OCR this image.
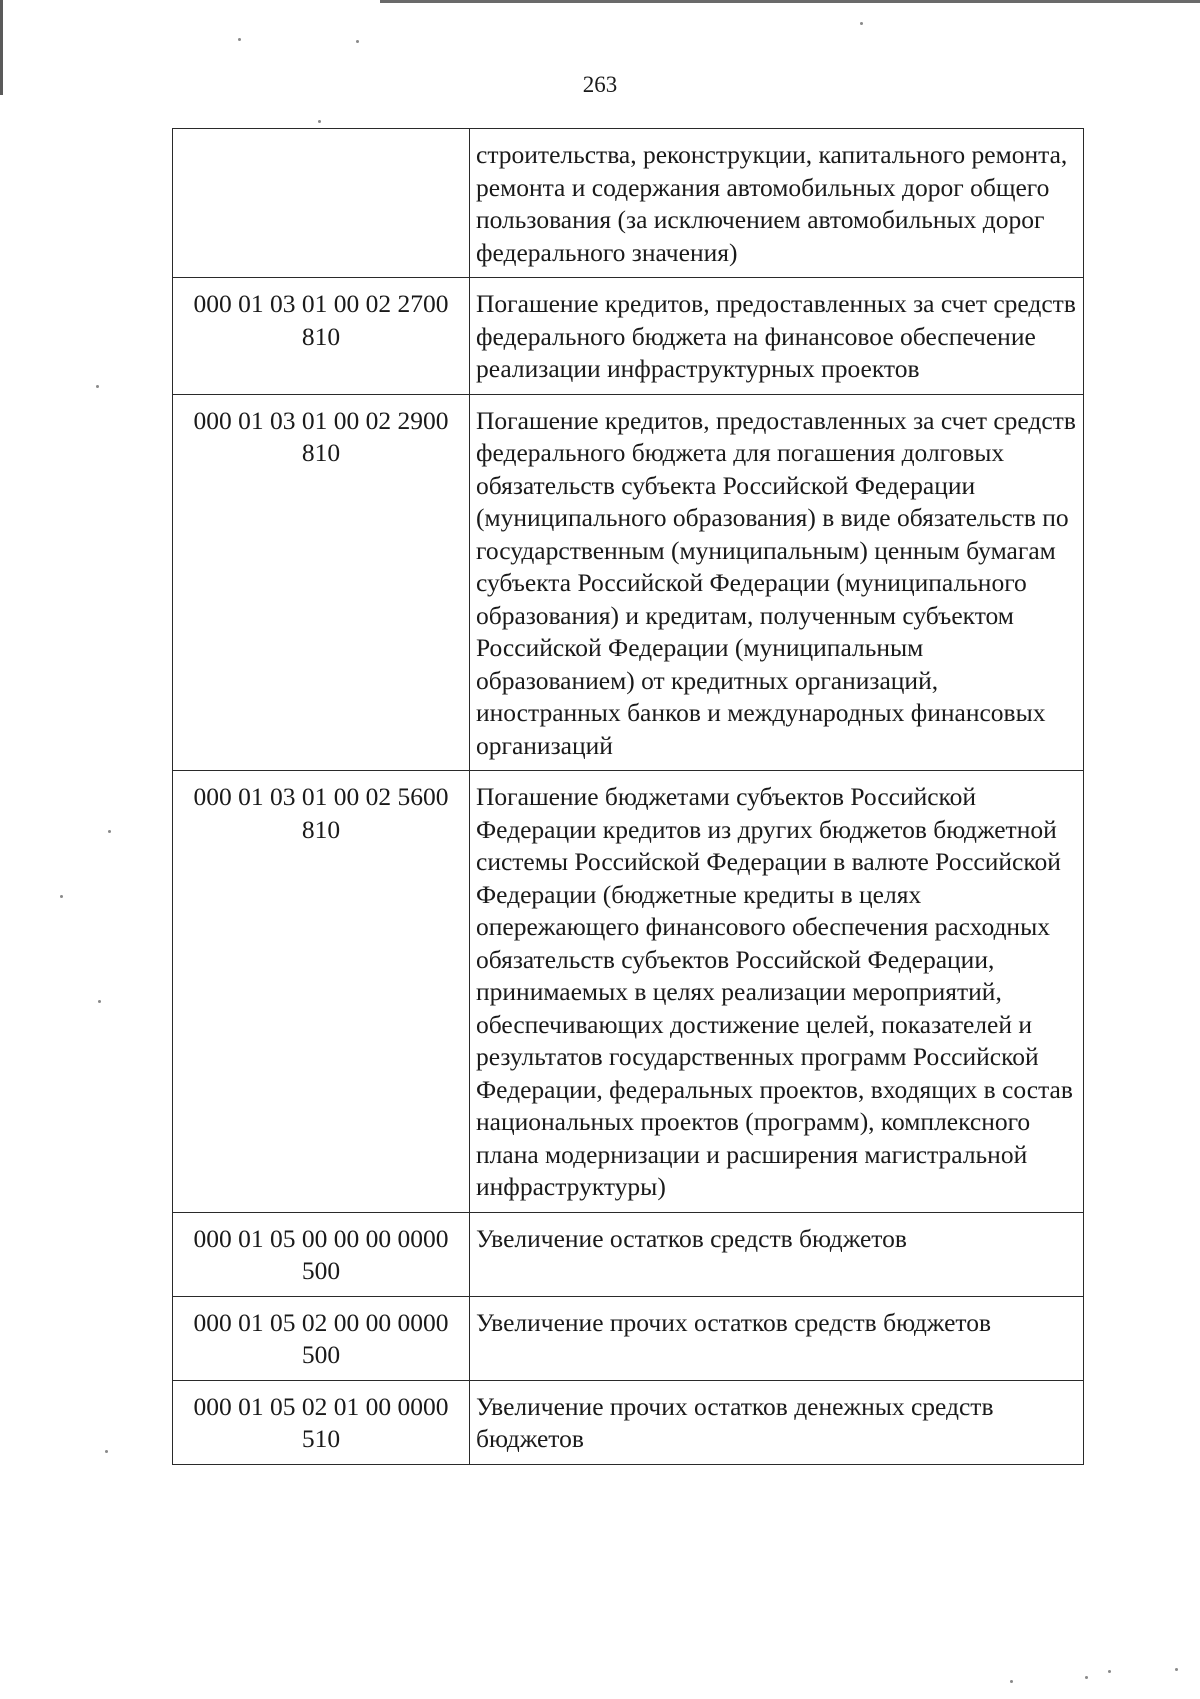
263
	строительства, реконструкции, капитального ремонта, ремонта и содержания автомобильных дорог общего пользования (за исключением автомобильных дорог федерального значения)

000 01 03 01 00 02 2700
810	Погашение кредитов, предоставленных за счет средств федерального бюджета на финансовое обеспечение реализации инфраструктурных проектов

000 01 03 01 00 02 2900
810	Погашение кредитов, предоставленных за счет средств федерального бюджета для погашения долговых обязательств субъекта Российской Федерации (муниципального образования) в виде обязательств по государственным (муниципальным) ценным бумагам субъекта Российской Федерации (муниципального образования) и кредитам, полученным субъектом Российской Федерации (муниципальным образованием) от кредитных организаций, иностранных банков и международных финансовых организаций

000 01 03 01 00 02 5600
810	Погашение бюджетами субъектов Российской Федерации кредитов из других бюджетов бюджетной системы Российской Федерации в валюте Российской Федерации (бюджетные кредиты в целях опережающего финансового обеспечения расходных обязательств субъектов Российской Федерации, принимаемых в целях реализации мероприятий, обеспечивающих достижение целей, показателей и результатов государственных программ Российской Федерации, федеральных проектов, входящих в состав национальных проектов (программ), комплексного плана модернизации и расширения магистральной инфраструктуры)

000 01 05 00 00 00 0000
500	Увеличение остатков средств бюджетов

000 01 05 02 00 00 0000
500	Увеличение прочих остатков средств бюджетов

000 01 05 02 01 00 0000
510	Увеличение прочих остатков денежных средств бюджетов
